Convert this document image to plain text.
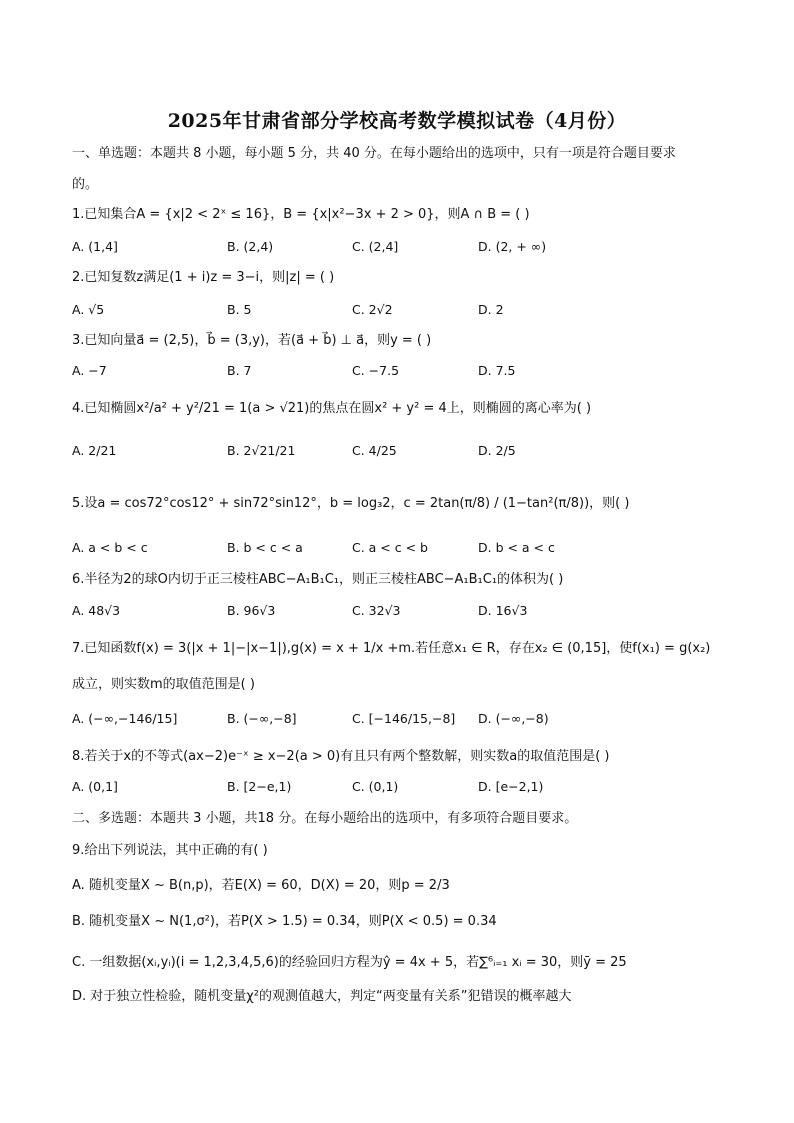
2025年甘肃省部分学校高考数学模拟试卷（4月份）
一、单选题：本题共 8 小题，每小题 5 分，共 40 分。在每小题给出的选项中，只有一项是符合题目要求
的。
1.已知集合A = {x|2 < 2ˣ ≤ 16}，B = {x|x²−3x + 2 > 0}，则A ∩ B = ( )
A. (1,4]	B. (2,4)	C. (2,4]	D. (2, + ∞)
2.已知复数z满足(1 + i)z = 3−i，则|z| = ( )
A. √5	B. 5	C. 2√2	D. 2
3.已知向量a⃗ = (2,5)，b⃗ = (3,y)，若(a⃗ + b⃗) ⊥ a⃗，则y = ( )
A. −7	B. 7	C. −7.5	D. 7.5
4.已知椭圆x²/a² + y²/21 = 1(a > √21)的焦点在圆x² + y² = 4上，则椭圆的离心率为( )
A. 2/21	B. 2√21/21	C. 4/25	D. 2/5
5.设a = cos72°cos12° + sin72°sin12°，b = log₃2，c = 2tan(π/8) / (1−tan²(π/8))，则( )
A. a < b < c	B. b < c < a	C. a < c < b	D. b < a < c
6.半径为2的球O内切于正三棱柱ABC−A₁B₁C₁，则正三棱柱ABC−A₁B₁C₁的体积为( )
A. 48√3	B. 96√3	C. 32√3	D. 16√3
7.已知函数f(x) = 3(|x + 1|−|x−1|),g(x) = x + 1/x +m.若任意x₁ ∈ R，存在x₂ ∈ (0,15]，使f(x₁) = g(x₂)
成立，则实数m的取值范围是( )
A. (−∞,−146/15]	B. (−∞,−8]	C. [−146/15,−8] D. (−∞,−8)
8.若关于x的不等式(ax−2)e⁻ˣ ≥ x−2(a > 0)有且只有两个整数解，则实数a的取值范围是( )
A. (0,1]	B. [2−e,1)	C. (0,1)	D. [e−2,1)
二、多选题：本题共 3 小题，共18 分。在每小题给出的选项中，有多项符合题目要求。
9.给出下列说法，其中正确的有( )
A. 随机变量X ~ B(n,p)，若E(X) = 60，D(X) = 20，则p = 2/3
B. 随机变量X ~ N(1,σ²)，若P(X > 1.5) = 0.34，则P(X < 0.5) = 0.34
C. 一组数据(xᵢ,yᵢ)(i = 1,2,3,4,5,6)的经验回归方程为ŷ = 4x + 5，若∑⁶ᵢ₌₁ xᵢ = 30，则ȳ = 25
D. 对于独立性检验，随机变量χ²的观测值越大，判定“两变量有关系”犯错误的概率越大
